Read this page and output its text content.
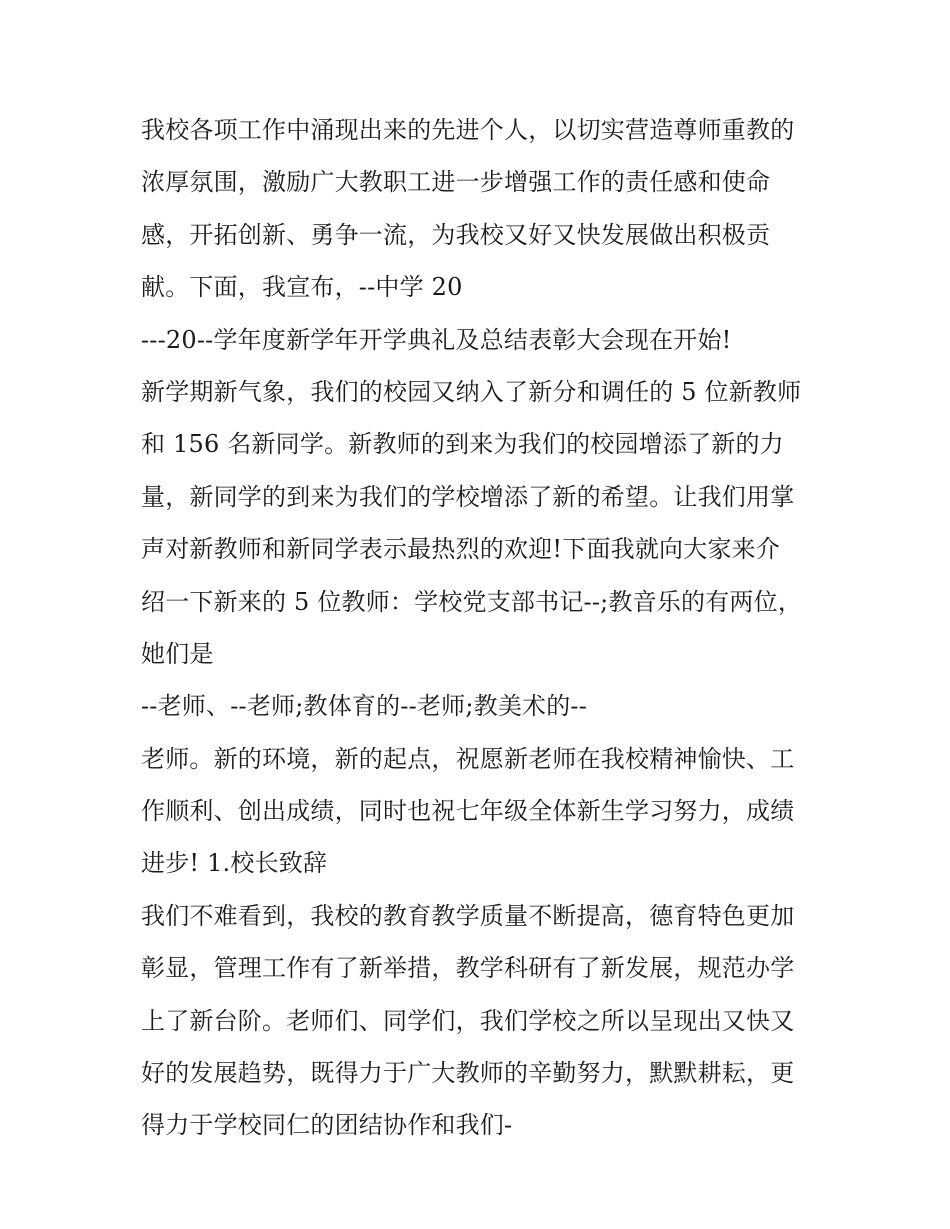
我校各项工作中涌现出来的先进个人，以切实营造尊师重教的
浓厚氛围，激励广大教职工进一步增强工作的责任感和使命
感，开拓创新、勇争一流，为我校又好又快发展做出积极贡
献。下面，我宣布，--中学 20
---20--学年度新学年开学典礼及总结表彰大会现在开始!
新学期新气象，我们的校园又纳入了新分和调任的 5 位新教师
和 156 名新同学。新教师的到来为我们的校园增添了新的力
量，新同学的到来为我们的学校增添了新的希望。让我们用掌
声对新教师和新同学表示最热烈的欢迎!下面我就向大家来介
绍一下新来的 5 位教师：学校党支部书记--;教音乐的有两位，
她们是
--老师、--老师;教体育的--老师;教美术的--
老师。新的环境，新的起点，祝愿新老师在我校精神愉快、工
作顺利、创出成绩，同时也祝七年级全体新生学习努力，成绩
进步! 1.校长致辞
我们不难看到，我校的教育教学质量不断提高，德育特色更加
彰显，管理工作有了新举措，教学科研有了新发展，规范办学
上了新台阶。老师们、同学们，我们学校之所以呈现出又快又
好的发展趋势，既得力于广大教师的辛勤努力，默默耕耘，更
得力于学校同仁的团结协作和我们-
